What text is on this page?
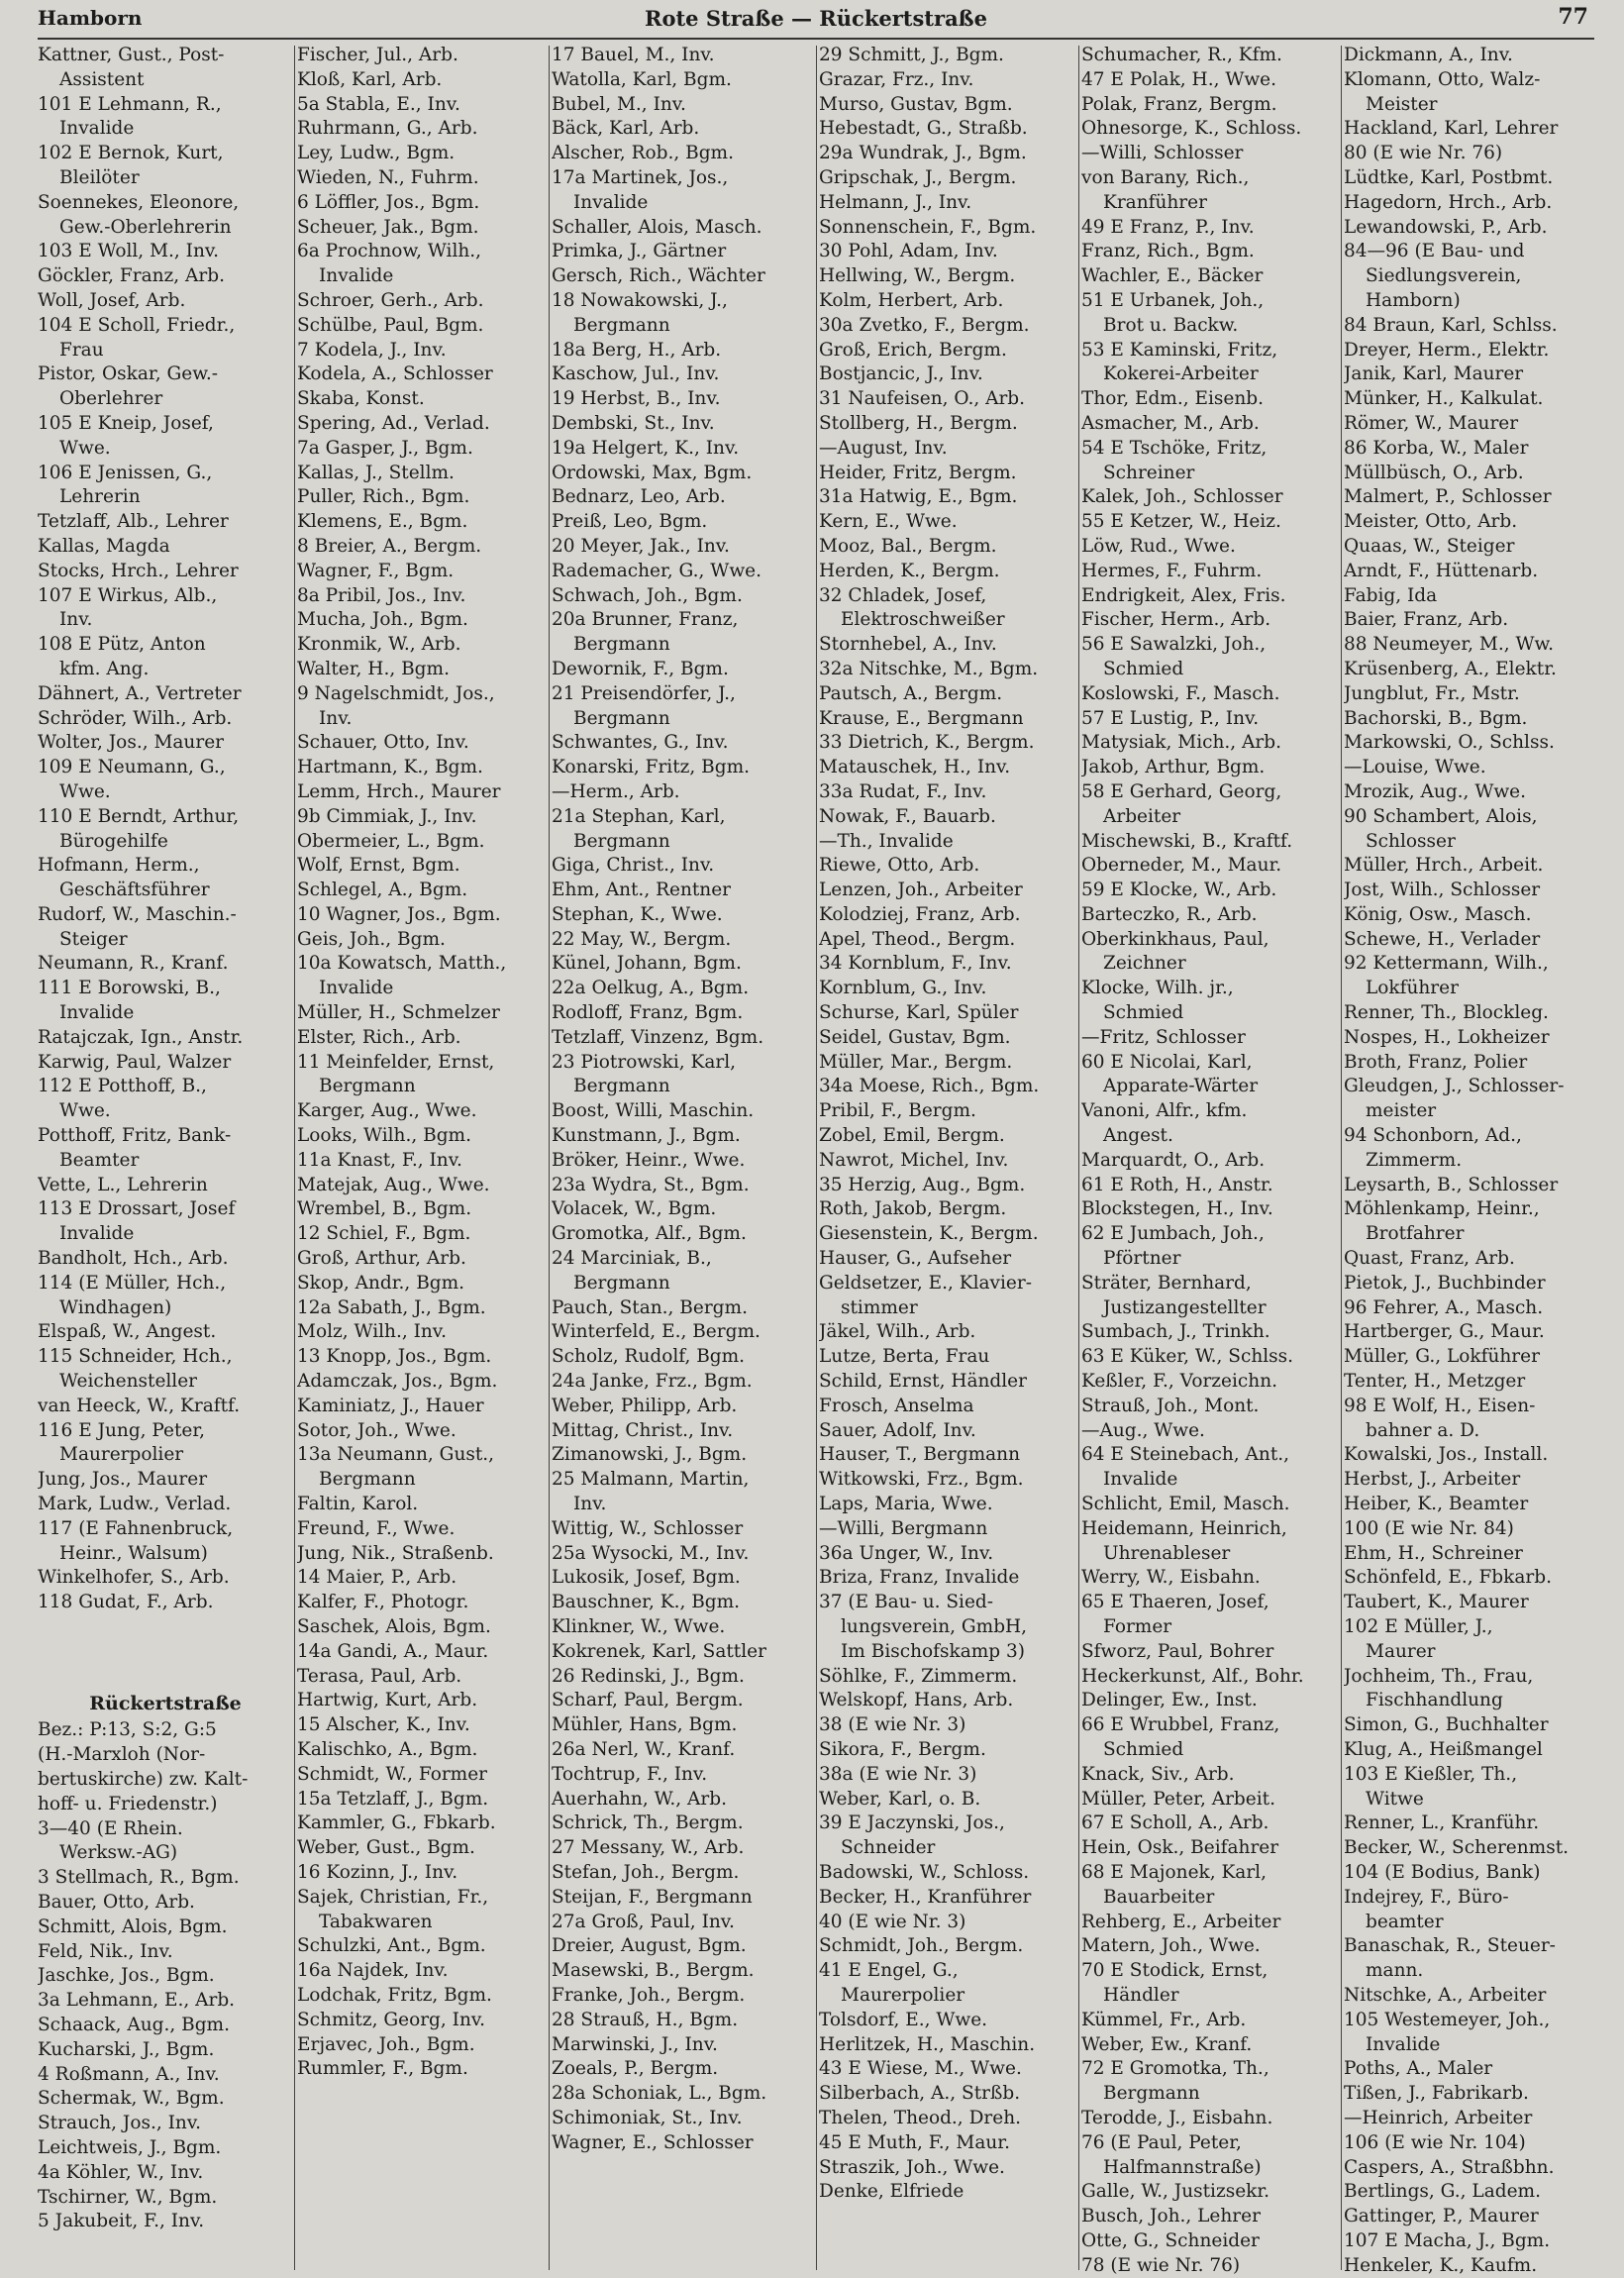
Hamborn	Rote Straße — Rückertstraße	77
Kattner, Gust., Post-
Assistent
101 E Lehmann, R.,
Invalide
102 E Bernok, Kurt,
Bleilöter
Soennekes, Eleonore,
Gew.-Oberlehrerin
103 E Woll, M., Inv.
Göckler, Franz, Arb.
Woll, Josef, Arb.
104 E Scholl, Friedr.,
Frau
Pistor, Oskar, Gew.-
Oberlehrer
105 E Kneip, Josef,
Wwe.
106 E Jenissen, G.,
Lehrerin
Tetzlaff, Alb., Lehrer
Kallas, Magda
Stocks, Hrch., Lehrer
107 E Wirkus, Alb.,
Inv.
108 E Pütz, Anton
kfm. Ang.
Dähnert, A., Vertreter
Schröder, Wilh., Arb.
Wolter, Jos., Maurer
109 E Neumann, G.,
Wwe.
110 E Berndt, Arthur,
Bürogehilfe
Hofmann, Herm.,
Geschäftsführer
Rudorf, W., Maschin.-
Steiger
Neumann, R., Kranf.
111 E Borowski, B.,
Invalide
Ratajczak, Ign., Anstr.
Karwig, Paul, Walzer
112 E Potthoff, B.,
Wwe.
Potthoff, Fritz, Bank-
Beamter
Vette, L., Lehrerin
113 E Drossart, Josef
Invalide
Bandholt, Hch., Arb.
114 (E Müller, Hch.,
Windhagen)
Elspaß, W., Angest.
115 Schneider, Hch.,
Weichensteller
van Heeck, W., Kraftf.
116 E Jung, Peter,
Maurerpolier
Jung, Jos., Maurer
Mark, Ludw., Verlad.
117 (E Fahnenbruck,
Heinr., Walsum)
Winkelhofer, S., Arb.
118 Gudat, F., Arb.
Rückertstraße
Bez.: P:13, S:2, G:5
(H.-Marxloh (Nor-
bertuskirche) zw. Kalt-
hoff- u. Friedenstr.)
3—40 (E Rhein.
Werksw.-AG)
3 Stellmach, R., Bgm.
Bauer, Otto, Arb.
Schmitt, Alois, Bgm.
Feld, Nik., Inv.
Jaschke, Jos., Bgm.
3a Lehmann, E., Arb.
Schaack, Aug., Bgm.
Kucharski, J., Bgm.
4 Roßmann, A., Inv.
Schermak, W., Bgm.
Strauch, Jos., Inv.
Leichtweis, J., Bgm.
4a Köhler, W., Inv.
Tschirner, W., Bgm.
5 Jakubeit, F., Inv.
Fischer, Jul., Arb.
Kloß, Karl, Arb.
5a Stabla, E., Inv.
Ruhrmann, G., Arb.
Ley, Ludw., Bgm.
Wieden, N., Fuhrm.
6 Löffler, Jos., Bgm.
Scheuer, Jak., Bgm.
6a Prochnow, Wilh.,
Invalide
Schroer, Gerh., Arb.
Schülbe, Paul, Bgm.
7 Kodela, J., Inv.
Kodela, A., Schlosser
Skaba, Konst.
Spering, Ad., Verlad.
7a Gasper, J., Bgm.
Kallas, J., Stellm.
Puller, Rich., Bgm.
Klemens, E., Bgm.
8 Breier, A., Bergm.
Wagner, F., Bgm.
8a Pribil, Jos., Inv.
Mucha, Joh., Bgm.
Kronmik, W., Arb.
Walter, H., Bgm.
9 Nagelschmidt, Jos.,
Inv.
Schauer, Otto, Inv.
Hartmann, K., Bgm.
Lemm, Hrch., Maurer
9b Cimmiak, J., Inv.
Obermeier, L., Bgm.
Wolf, Ernst, Bgm.
Schlegel, A., Bgm.
10 Wagner, Jos., Bgm.
Geis, Joh., Bgm.
10a Kowatsch, Matth.,
Invalide
Müller, H., Schmelzer
Elster, Rich., Arb.
11 Meinfelder, Ernst,
Bergmann
Karger, Aug., Wwe.
Looks, Wilh., Bgm.
11a Knast, F., Inv.
Matejak, Aug., Wwe.
Wrembel, B., Bgm.
12 Schiel, F., Bgm.
Groß, Arthur, Arb.
Skop, Andr., Bgm.
12a Sabath, J., Bgm.
Molz, Wilh., Inv.
13 Knopp, Jos., Bgm.
Adamczak, Jos., Bgm.
Kaminiatz, J., Hauer
Sotor, Joh., Wwe.
13a Neumann, Gust.,
Bergmann
Faltin, Karol.
Freund, F., Wwe.
Jung, Nik., Straßenb.
14 Maier, P., Arb.
Kalfer, F., Photogr.
Saschek, Alois, Bgm.
14a Gandi, A., Maur.
Terasa, Paul, Arb.
Hartwig, Kurt, Arb.
15 Alscher, K., Inv.
Kalischko, A., Bgm.
Schmidt, W., Former
15a Tetzlaff, J., Bgm.
Kammler, G., Fbkarb.
Weber, Gust., Bgm.
16 Kozinn, J., Inv.
Sajek, Christian, Fr.,
Tabakwaren
Schulzki, Ant., Bgm.
16a Najdek, Inv.
Lodchak, Fritz, Bgm.
Schmitz, Georg, Inv.
Erjavec, Joh., Bgm.
Rummler, F., Bgm.
17 Bauel, M., Inv.
Watolla, Karl, Bgm.
Bubel, M., Inv.
Bäck, Karl, Arb.
Alscher, Rob., Bgm.
17a Martinek, Jos.,
Invalide
Schaller, Alois, Masch.
Primka, J., Gärtner
Gersch, Rich., Wächter
18 Nowakowski, J.,
Bergmann
18a Berg, H., Arb.
Kaschow, Jul., Inv.
19 Herbst, B., Inv.
Dembski, St., Inv.
19a Helgert, K., Inv.
Ordowski, Max, Bgm.
Bednarz, Leo, Arb.
Preiß, Leo, Bgm.
20 Meyer, Jak., Inv.
Rademacher, G., Wwe.
Schwach, Joh., Bgm.
20a Brunner, Franz,
Bergmann
Dewornik, F., Bgm.
21 Preisendörfer, J.,
Bergmann
Schwantes, G., Inv.
Konarski, Fritz, Bgm.
—Herm., Arb.
21a Stephan, Karl,
Bergmann
Giga, Christ., Inv.
Ehm, Ant., Rentner
Stephan, K., Wwe.
22 May, W., Bergm.
Künel, Johann, Bgm.
22a Oelkug, A., Bgm.
Rodloff, Franz, Bgm.
Tetzlaff, Vinzenz, Bgm.
23 Piotrowski, Karl,
Bergmann
Boost, Willi, Maschin.
Kunstmann, J., Bgm.
Bröker, Heinr., Wwe.
23a Wydra, St., Bgm.
Volacek, W., Bgm.
Gromotka, Alf., Bgm.
24 Marciniak, B.,
Bergmann
Pauch, Stan., Bergm.
Winterfeld, E., Bergm.
Scholz, Rudolf, Bgm.
24a Janke, Frz., Bgm.
Weber, Philipp, Arb.
Mittag, Christ., Inv.
Zimanowski, J., Bgm.
25 Malmann, Martin,
Inv.
Wittig, W., Schlosser
25a Wysocki, M., Inv.
Lukosik, Josef, Bgm.
Bauschner, K., Bgm.
Klinkner, W., Wwe.
Kokrenek, Karl, Sattler
26 Redinski, J., Bgm.
Scharf, Paul, Bergm.
Mühler, Hans, Bgm.
26a Nerl, W., Kranf.
Tochtrup, F., Inv.
Auerhahn, W., Arb.
Schrick, Th., Bergm.
27 Messany, W., Arb.
Stefan, Joh., Bergm.
Steijan, F., Bergmann
27a Groß, Paul, Inv.
Dreier, August, Bgm.
Masewski, B., Bergm.
Franke, Joh., Bergm.
28 Strauß, H., Bgm.
Marwinski, J., Inv.
Zoeals, P., Bergm.
28a Schoniak, L., Bgm.
Schimoniak, St., Inv.
Wagner, E., Schlosser
29 Schmitt, J., Bgm.
Grazar, Frz., Inv.
Murso, Gustav, Bgm.
Hebestadt, G., Straßb.
29a Wundrak, J., Bgm.
Gripschak, J., Bergm.
Helmann, J., Inv.
Sonnenschein, F., Bgm.
30 Pohl, Adam, Inv.
Hellwing, W., Bergm.
Kolm, Herbert, Arb.
30a Zvetko, F., Bergm.
Groß, Erich, Bergm.
Bostjancic, J., Inv.
31 Naufeisen, O., Arb.
Stollberg, H., Bergm.
—August, Inv.
Heider, Fritz, Bergm.
31a Hatwig, E., Bgm.
Kern, E., Wwe.
Mooz, Bal., Bergm.
Herden, K., Bergm.
32 Chladek, Josef,
Elektroschweißer
Stornhebel, A., Inv.
32a Nitschke, M., Bgm.
Pautsch, A., Bergm.
Krause, E., Bergmann
33 Dietrich, K., Bergm.
Matauschek, H., Inv.
33a Rudat, F., Inv.
Nowak, F., Bauarb.
—Th., Invalide
Riewe, Otto, Arb.
Lenzen, Joh., Arbeiter
Kolodziej, Franz, Arb.
Apel, Theod., Bergm.
34 Kornblum, F., Inv.
Kornblum, G., Inv.
Schurse, Karl, Spüler
Seidel, Gustav, Bgm.
Müller, Mar., Bergm.
34a Moese, Rich., Bgm.
Pribil, F., Bergm.
Zobel, Emil, Bergm.
Nawrot, Michel, Inv.
35 Herzig, Aug., Bgm.
Roth, Jakob, Bergm.
Giesenstein, K., Bergm.
Hauser, G., Aufseher
Geldsetzer, E., Klavier-
stimmer
Jäkel, Wilh., Arb.
Lutze, Berta, Frau
Schild, Ernst, Händler
Frosch, Anselma
Sauer, Adolf, Inv.
Hauser, T., Bergmann
Witkowski, Frz., Bgm.
Laps, Maria, Wwe.
—Willi, Bergmann
36a Unger, W., Inv.
Briza, Franz, Invalide
37 (E Bau- u. Sied-
lungsverein, GmbH,
Im Bischofskamp 3)
Söhlke, F., Zimmerm.
Welskopf, Hans, Arb.
38 (E wie Nr. 3)
Sikora, F., Bergm.
38a (E wie Nr. 3)
Weber, Karl, o. B.
39 E Jaczynski, Jos.,
Schneider
Badowski, W., Schloss.
Becker, H., Kranführer
40 (E wie Nr. 3)
Schmidt, Joh., Bergm.
41 E Engel, G.,
Maurerpolier
Tolsdorf, E., Wwe.
Herlitzek, H., Maschin.
43 E Wiese, M., Wwe.
Silberbach, A., Strßb.
Thelen, Theod., Dreh.
45 E Muth, F., Maur.
Straszik, Joh., Wwe.
Denke, Elfriede
Schumacher, R., Kfm.
47 E Polak, H., Wwe.
Polak, Franz, Bergm.
Ohnesorge, K., Schloss.
—Willi, Schlosser
von Barany, Rich.,
Kranführer
49 E Franz, P., Inv.
Franz, Rich., Bgm.
Wachler, E., Bäcker
51 E Urbanek, Joh.,
Brot u. Backw.
53 E Kaminski, Fritz,
Kokerei-Arbeiter
Thor, Edm., Eisenb.
Asmacher, M., Arb.
54 E Tschöke, Fritz,
Schreiner
Kalek, Joh., Schlosser
55 E Ketzer, W., Heiz.
Löw, Rud., Wwe.
Hermes, F., Fuhrm.
Endrigkeit, Alex, Fris.
Fischer, Herm., Arb.
56 E Sawalzki, Joh.,
Schmied
Koslowski, F., Masch.
57 E Lustig, P., Inv.
Matysiak, Mich., Arb.
Jakob, Arthur, Bgm.
58 E Gerhard, Georg,
Arbeiter
Mischewski, B., Kraftf.
Oberneder, M., Maur.
59 E Klocke, W., Arb.
Barteczko, R., Arb.
Oberkinkhaus, Paul,
Zeichner
Klocke, Wilh. jr.,
Schmied
—Fritz, Schlosser
60 E Nicolai, Karl,
Apparate-Wärter
Vanoni, Alfr., kfm.
Angest.
Marquardt, O., Arb.
61 E Roth, H., Anstr.
Blockstegen, H., Inv.
62 E Jumbach, Joh.,
Pförtner
Sträter, Bernhard,
Justizangestellter
Sumbach, J., Trinkh.
63 E Küker, W., Schlss.
Keßler, F., Vorzeichn.
Strauß, Joh., Mont.
—Aug., Wwe.
64 E Steinebach, Ant.,
Invalide
Schlicht, Emil, Masch.
Heidemann, Heinrich,
Uhrenableser
Werry, W., Eisbahn.
65 E Thaeren, Josef,
Former
Sfworz, Paul, Bohrer
Heckerkunst, Alf., Bohr.
Delinger, Ew., Inst.
66 E Wrubbel, Franz,
Schmied
Knack, Siv., Arb.
Müller, Peter, Arbeit.
67 E Scholl, A., Arb.
Hein, Osk., Beifahrer
68 E Majonek, Karl,
Bauarbeiter
Rehberg, E., Arbeiter
Matern, Joh., Wwe.
70 E Stodick, Ernst,
Händler
Kümmel, Fr., Arb.
Weber, Ew., Kranf.
72 E Gromotka, Th.,
Bergmann
Terodde, J., Eisbahn.
76 (E Paul, Peter,
Halfmannstraße)
Galle, W., Justizsekr.
Busch, Joh., Lehrer
Otte, G., Schneider
78 (E wie Nr. 76)
Dickmann, A., Inv.
Klomann, Otto, Walz-
Meister
Hackland, Karl, Lehrer
80 (E wie Nr. 76)
Lüdtke, Karl, Postbmt.
Hagedorn, Hrch., Arb.
Lewandowski, P., Arb.
84—96 (E Bau- und
Siedlungsverein,
Hamborn)
84 Braun, Karl, Schlss.
Dreyer, Herm., Elektr.
Janik, Karl, Maurer
Münker, H., Kalkulat.
Römer, W., Maurer
86 Korba, W., Maler
Müllbüsch, O., Arb.
Malmert, P., Schlosser
Meister, Otto, Arb.
Quaas, W., Steiger
Arndt, F., Hüttenarb.
Fabig, Ida
Baier, Franz, Arb.
88 Neumeyer, M., Ww.
Krüsenberg, A., Elektr.
Jungblut, Fr., Mstr.
Bachorski, B., Bgm.
Markowski, O., Schlss.
—Louise, Wwe.
Mrozik, Aug., Wwe.
90 Schambert, Alois,
Schlosser
Müller, Hrch., Arbeit.
Jost, Wilh., Schlosser
König, Osw., Masch.
Schewe, H., Verlader
92 Kettermann, Wilh.,
Lokführer
Renner, Th., Blockleg.
Nospes, H., Lokheizer
Broth, Franz, Polier
Gleudgen, J., Schlosser-
meister
94 Schonborn, Ad.,
Zimmerm.
Leysarth, B., Schlosser
Möhlenkamp, Heinr.,
Brotfahrer
Quast, Franz, Arb.
Pietok, J., Buchbinder
96 Fehrer, A., Masch.
Hartberger, G., Maur.
Müller, G., Lokführer
Tenter, H., Metzger
98 E Wolf, H., Eisen-
bahner a. D.
Kowalski, Jos., Install.
Herbst, J., Arbeiter
Heiber, K., Beamter
100 (E wie Nr. 84)
Ehm, H., Schreiner
Schönfeld, E., Fbkarb.
Taubert, K., Maurer
102 E Müller, J.,
Maurer
Jochheim, Th., Frau,
Fischhandlung
Simon, G., Buchhalter
Klug, A., Heißmangel
103 E Kießler, Th.,
Witwe
Renner, L., Kranführ.
Becker, W., Scherenmst.
104 (E Bodius, Bank)
Indejrey, F., Büro-
beamter
Banaschak, R., Steuer-
mann.
Nitschke, A., Arbeiter
105 Westemeyer, Joh.,
Invalide
Poths, A., Maler
Tißen, J., Fabrikarb.
—Heinrich, Arbeiter
106 (E wie Nr. 104)
Caspers, A., Straßbhn.
Bertlings, G., Ladem.
Gattinger, P., Maurer
107 E Macha, J., Bgm.
Henkeler, K., Kaufm.
